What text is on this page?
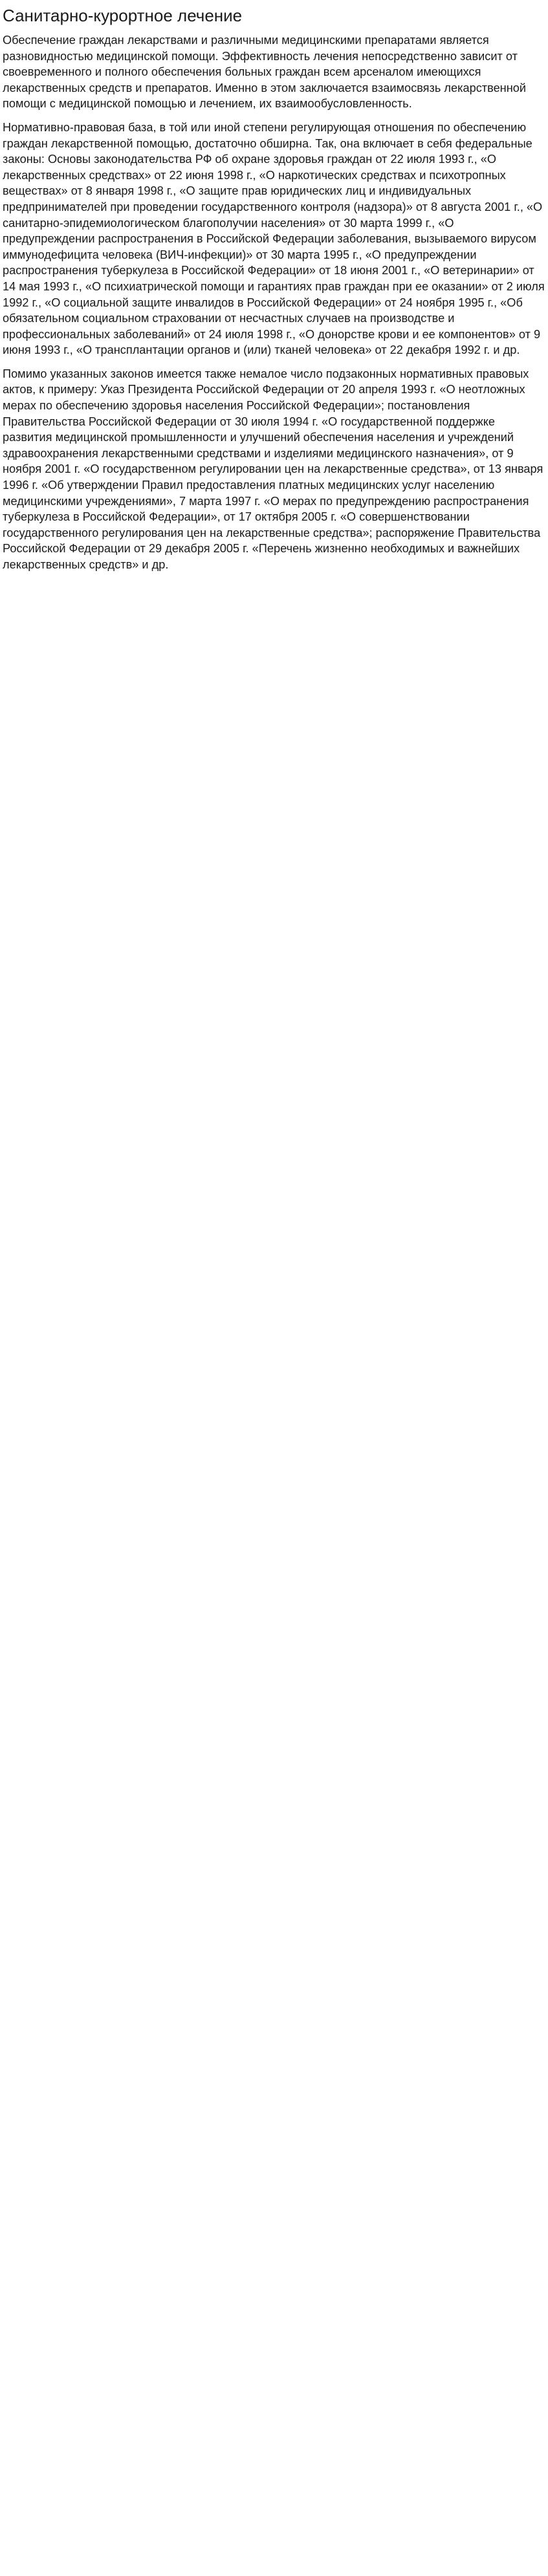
Санитарно-курортное лечение

Обеспечение граждан лекарствами и различными медицинскими препаратами является разновидностью медицинской помощи. Эффективность лечения непосредственно зависит от своевременного и полного обеспечения больных граждан всем арсеналом имеющихся лекарственных средств и препаратов. Именно в этом заключается взаимосвязь лекарственной помощи с медицинской помощью и лечением, их взаимообусловленность.

Нормативно-правовая база, в той или иной степени регулирующая отношения по обеспечению граждан лекарственной помощью, достаточно обширна. Так, она включает в себя федеральные законы: Основы законодательства РФ об охране здоровья граждан от 22 июля 1993 г., «О лекарственных средствах» от 22 июня 1998 г., «О наркотических средствах и психотропных веществах» от 8 января 1998 г., «О защите прав юридических лиц и индивидуальных предпринимателей при проведении государственного контроля (надзора)» от 8 августа 2001 г., «О санитарно-эпидемиологическом благополучии населения» от 30 марта 1999 г., «О предупреждении распространения в Российской Федерации заболевания, вызываемого вирусом иммунодефицита человека (ВИЧ-инфекции)» от 30 марта 1995 г., «О предупреждении распространения туберкулеза в Российской Федерации» от 18 июня 2001 г., «О ветеринарии» от 14 мая 1993 г., «О психиатрической помощи и гарантиях прав граждан при ее оказании» от 2 июля 1992 г., «О социальной защите инвалидов в Российской Федерации» от 24 ноября 1995 г., «Об обязательном социальном страховании от несчастных случаев на производстве и профессиональных заболеваний» от 24 июля 1998 г., «О донорстве крови и ее компонентов» от 9 июня 1993 г., «О трансплантации органов и (или) тканей человека» от 22 декабря 1992 г. и др.

Помимо указанных законов имеется также немалое число подзаконных нормативных правовых актов, к примеру: Указ Президента Российской Федерации от 20 апреля 1993 г. «О неотложных мерах по обеспечению здоровья населения Российской Федерации»; постановления Правительства Российской Федерации от 30 июля 1994 г. «О государственной поддержке развития медицинской промышленности и улучшений обеспечения населения и учреждений здравоохранения лекарственными средствами и изделиями медицинского назначения», от 9 ноября 2001 г. «О государственном регулировании цен на лекарственные средства», от 13 января 1996 г. «Об утверждении Правил предоставления платных медицинских услуг населению медицинскими учреждениями», 7 марта 1997 г. «О мерах по предупреждению распространения туберкулеза в Российской Федерации», от 17 октября 2005 г. «О совершенствовании государственного регулирования цен на лекарственные средства»; распоряжение Правительства Российской Федерации от 29 декабря 2005 г. «Перечень жизненно необходимых и важнейших лекарственных средств» и др.
